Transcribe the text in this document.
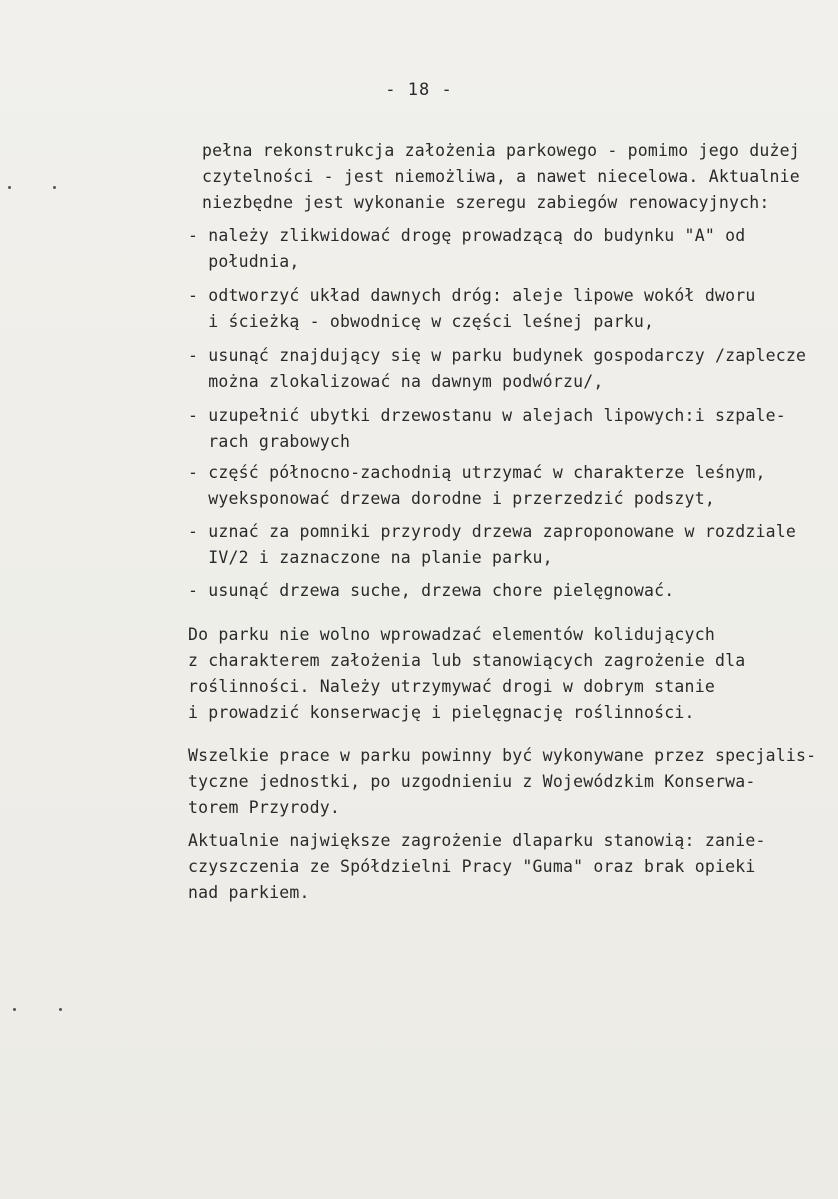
- 18 -
pełna rekonstrukcja założenia parkowego - pomimo jego dużej
czytelności - jest niemożliwa, a nawet niecelowa. Aktualnie
niezbędne jest wykonanie szeregu zabiegów renowacyjnych:
- należy zlikwidować drogę prowadzącą do budynku "A" od
południa,
- odtworzyć układ dawnych dróg: aleje lipowe wokół dworu
i ścieżką - obwodnicę w części leśnej parku,
- usunąć znajdujący się w parku budynek gospodarczy /zaplecze
można zlokalizować na dawnym podwórzu/,
- uzupełnić ubytki drzewostanu w alejach lipowych:i szpale-
rach grabowych
- część północno-zachodnią utrzymać w charakterze leśnym,
wyeksponować drzewa dorodne i przerzedzić podszyt,
- uznać za pomniki przyrody drzewa zaproponowane w rozdziale
IV/2 i zaznaczone na planie parku,
- usunąć drzewa suche, drzewa chore pielęgnować.
Do parku nie wolno wprowadzać elementów kolidujących
z charakterem założenia lub stanowiących zagrożenie dla
roślinności. Należy utrzymywać drogi w dobrym stanie
i prowadzić konserwację i pielęgnację roślinności.
Wszelkie prace w parku powinny być wykonywane przez specjalis-
tyczne jednostki, po uzgodnieniu z Wojewódzkim Konserwa-
torem Przyrody.
Aktualnie największe zagrożenie dlaparku stanowią: zanie-
czyszczenia ze Spółdzielni Pracy "Guma" oraz brak opieki
nad parkiem.
